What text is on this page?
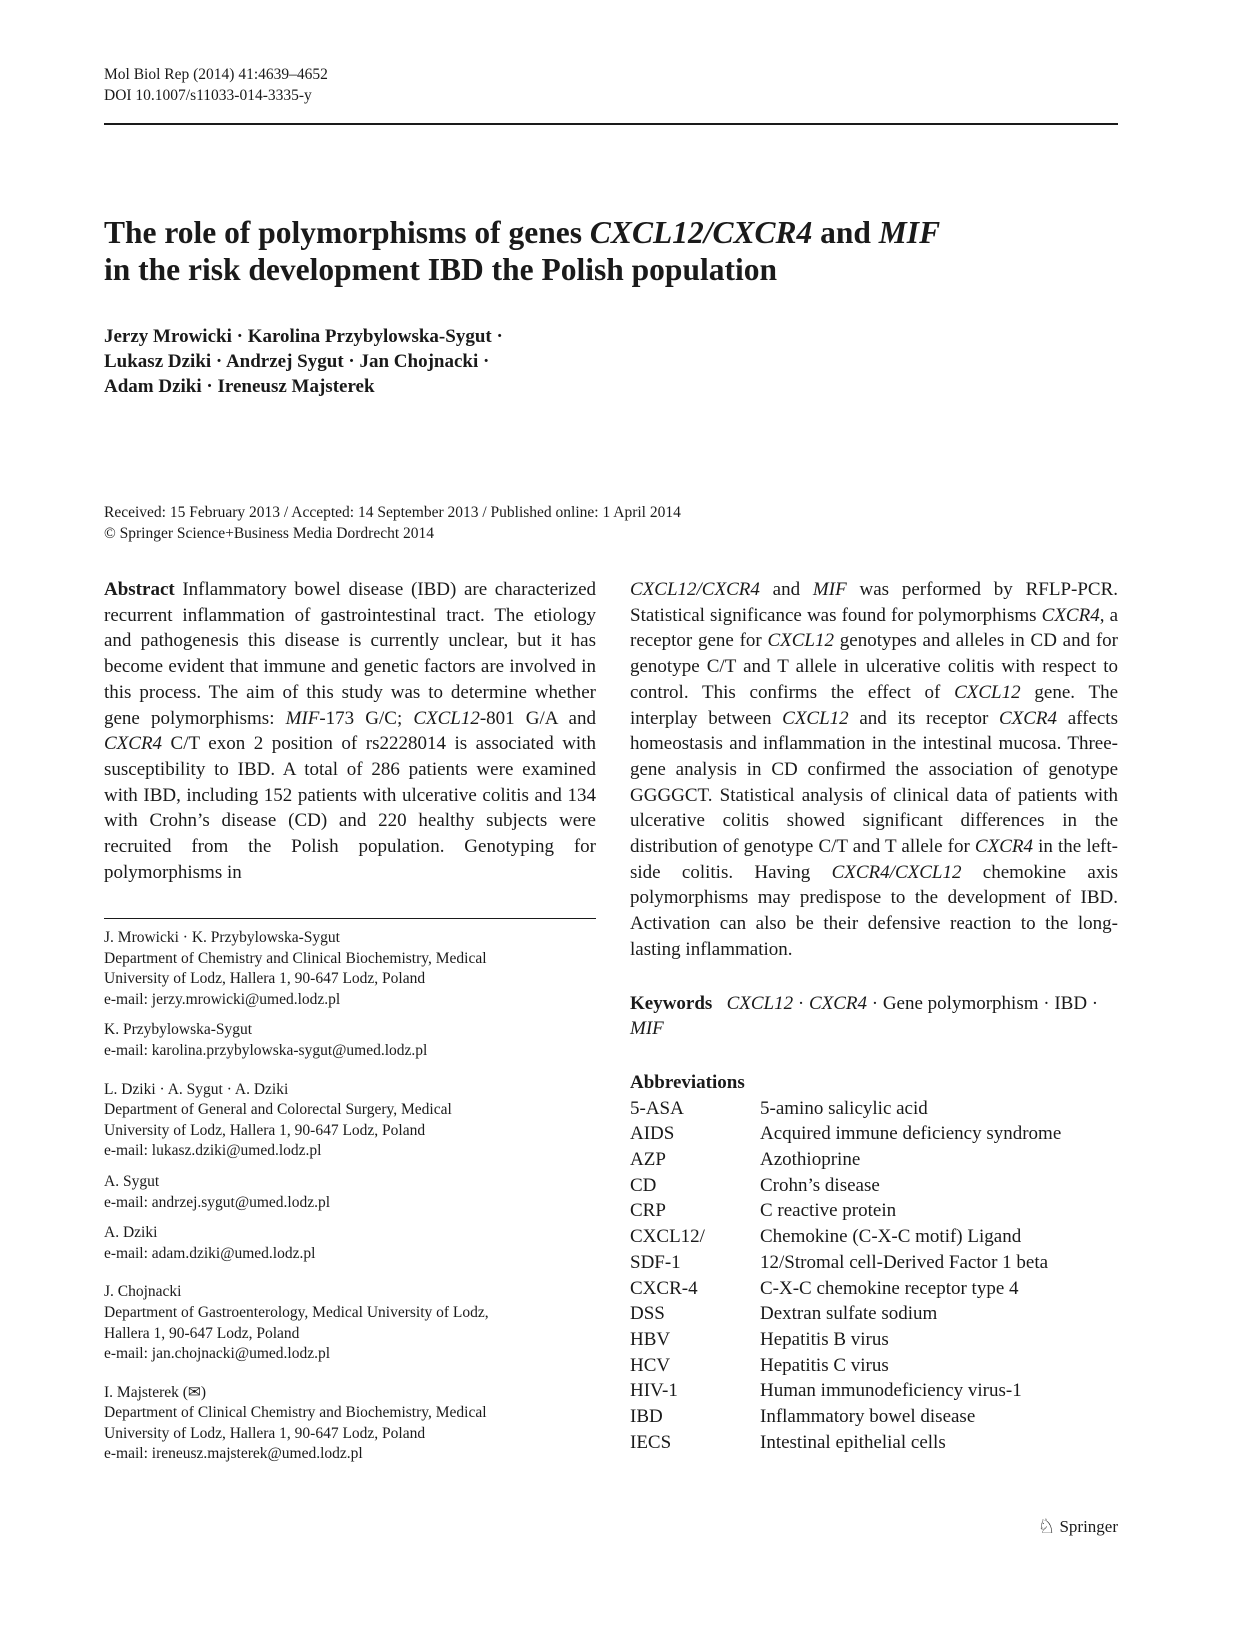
Mol Biol Rep (2014) 41:4639–4652
DOI 10.1007/s11033-014-3335-y
The role of polymorphisms of genes CXCL12/CXCR4 and MIF
in the risk development IBD the Polish population
Jerzy Mrowicki · Karolina Przybylowska-Sygut ·
Lukasz Dziki · Andrzej Sygut · Jan Chojnacki ·
Adam Dziki · Ireneusz Majsterek
Received: 15 February 2013 / Accepted: 14 September 2013 / Published online: 1 April 2014
© Springer Science+Business Media Dordrecht 2014

Abstract Inflammatory bowel disease (IBD) are characterized recurrent inflammation of gastrointestinal tract. The etiology and pathogenesis this disease is currently unclear, but it has become evident that immune and genetic factors are involved in this process. The aim of this study was to determine whether gene polymorphisms: MIF-173 G/C; CXCL12-801 G/A and CXCR4 C/T exon 2 position of rs2228014 is associated with susceptibility to IBD. A total of 286 patients were examined with IBD, including 152 patients with ulcerative colitis and 134 with Crohn’s disease (CD) and 220 healthy subjects were recruited from the Polish population. Genotyping for polymorphisms in

J. Mrowicki · K. Przybylowska-Sygut
Department of Chemistry and Clinical Biochemistry, Medical
University of Lodz, Hallera 1, 90-647 Lodz, Poland
e-mail: jerzy.mrowicki@umed.lodz.pl
K. Przybylowska-Sygut
e-mail: karolina.przybylowska-sygut@umed.lodz.pl
L. Dziki · A. Sygut · A. Dziki
Department of General and Colorectal Surgery, Medical
University of Lodz, Hallera 1, 90-647 Lodz, Poland
e-mail: lukasz.dziki@umed.lodz.pl
A. Sygut
e-mail: andrzej.sygut@umed.lodz.pl
A. Dziki
e-mail: adam.dziki@umed.lodz.pl
J. Chojnacki
Department of Gastroenterology, Medical University of Lodz,
Hallera 1, 90-647 Lodz, Poland
e-mail: jan.chojnacki@umed.lodz.pl
I. Majsterek (✉)
Department of Clinical Chemistry and Biochemistry, Medical
University of Lodz, Hallera 1, 90-647 Lodz, Poland
e-mail: ireneusz.majsterek@umed.lodz.pl

CXCL12/CXCR4 and MIF was performed by RFLP-PCR. Statistical significance was found for polymorphisms CXCR4, a receptor gene for CXCL12 genotypes and alleles in CD and for genotype C/T and T allele in ulcerative colitis with respect to control. This confirms the effect of CXCL12 gene. The interplay between CXCL12 and its receptor CXCR4 affects homeostasis and inflammation in the intestinal mucosa. Three-gene analysis in CD confirmed the association of genotype GGGGCT. Statistical analysis of clinical data of patients with ulcerative colitis showed significant differences in the distribution of genotype C/T and T allele for CXCR4 in the left-side colitis. Having CXCR4/CXCL12 chemokine axis polymorphisms may predispose to the development of IBD. Activation can also be their defensive reaction to the long-lasting inflammation.

Keywords CXCL12 · CXCR4 · Gene polymorphism · IBD · MIF

Abbreviations
5-ASA	5-amino salicylic acid
AIDS	Acquired immune deficiency syndrome
AZP	Azothioprine
CD	Crohn’s disease
CRP	C reactive protein
CXCL12/	Chemokine (C-X-C motif) Ligand
SDF-1	12/Stromal cell-Derived Factor 1 beta
CXCR-4	C-X-C chemokine receptor type 4
DSS	Dextran sulfate sodium
HBV	Hepatitis B virus
HCV	Hepatitis C virus
HIV-1	Human immunodeficiency virus-1
IBD	Inflammatory bowel disease
IECS	Intestinal epithelial cells
♘ Springer
